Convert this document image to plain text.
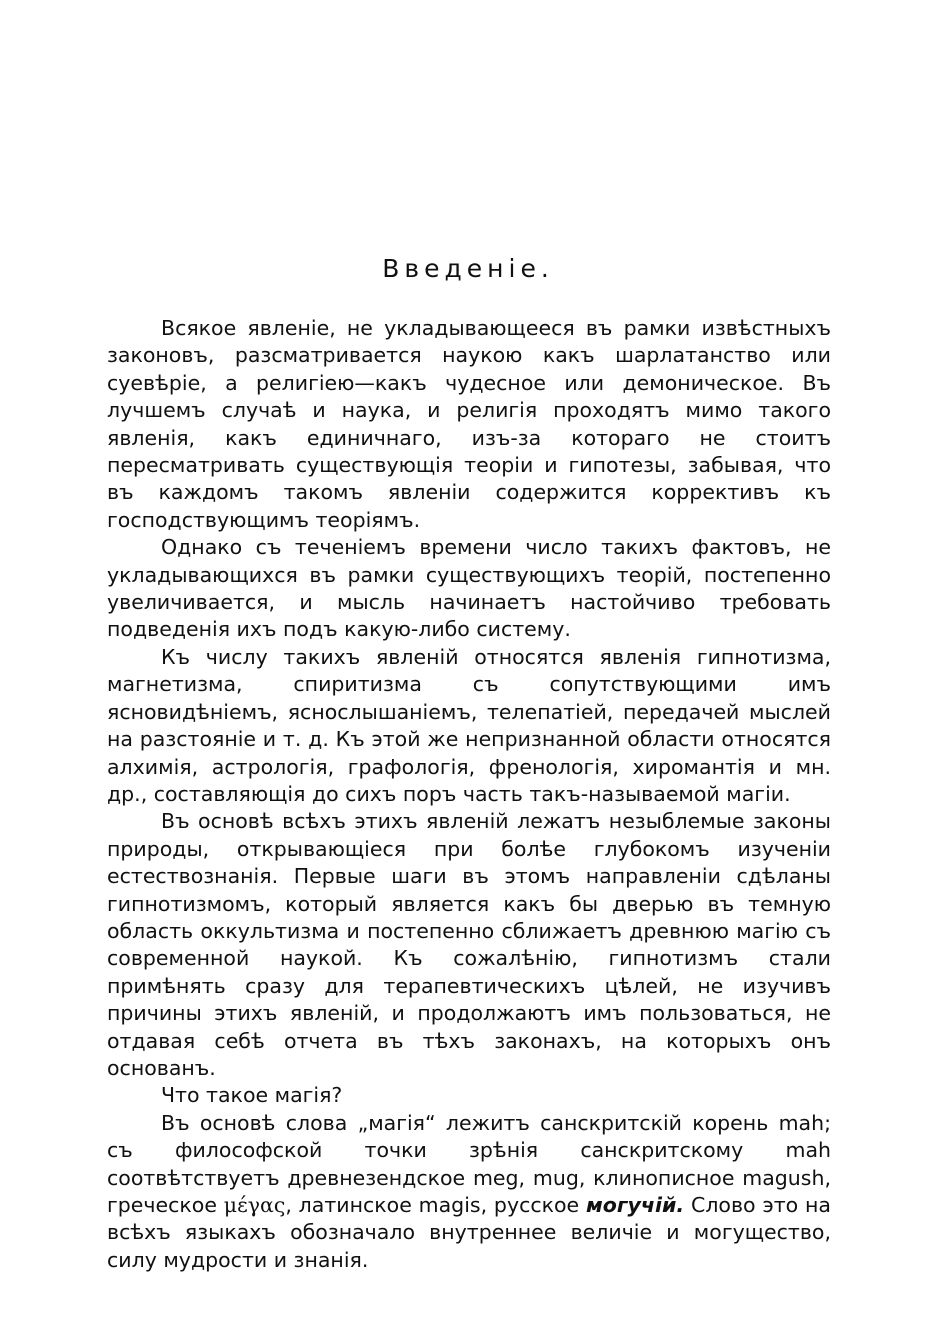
Введеніе.

Всякое явленіе, не укладывающееся въ рамки извѣстныхъ законовъ, разсматривается наукою какъ шарлатанство или суевѣріе, а религіею—какъ чудесное или демоническое. Въ лучшемъ случаѣ и наука, и религія проходятъ мимо такого явленія, какъ единичнаго, изъ-за котораго не стоитъ пересматривать существующія теоріи и гипотезы, забывая, что въ каждомъ такомъ явленіи содержится коррективъ къ господствующимъ теоріямъ.

Однако съ теченіемъ времени число такихъ фактовъ, не укладывающихся въ рамки существующихъ теорій, постепенно увеличивается, и мысль начинаетъ настойчиво требовать подведенія ихъ подъ какую-либо систему.

Къ числу такихъ явленій относятся явленія гипнотизма, магнетизма, спиритизма съ сопутствующими имъ ясновидѣніемъ, яснослышаніемъ, телепатіей, передачей мыслей на разстояніе и т. д. Къ этой же непризнанной области относятся алхимія, астрологія, графологія, френологія, хиромантія и мн. др., составляющія до сихъ поръ часть такъ-называемой магіи.

Въ основѣ всѣхъ этихъ явленій лежатъ незыблемые законы природы, открывающіеся при болѣе глубокомъ изученіи естествознанія. Первые шаги въ этомъ направленіи сдѣланы гипнотизмомъ, который является какъ бы дверью въ темную область оккультизма и постепенно сближаетъ древнюю магію съ современной наукой. Къ сожалѣнію, гипнотизмъ стали примѣнять сразу для терапевтическихъ цѣлей, не изучивъ причины этихъ явленій, и продолжаютъ имъ пользоваться, не отдавая себѣ отчета въ тѣхъ законахъ, на которыхъ онъ основанъ.

Что такое магія?

Въ основѣ слова „магія“ лежитъ санскритскій корень mah; съ философской точки зрѣнія санскритскому mah соотвѣтствуетъ древнезендское meg, mug, клинописное magush, греческое μέγας, латинское magis, русское могучій. Слово это на всѣхъ языкахъ обозначало внутреннее величіе и могущество, силу мудрости и знанія.
